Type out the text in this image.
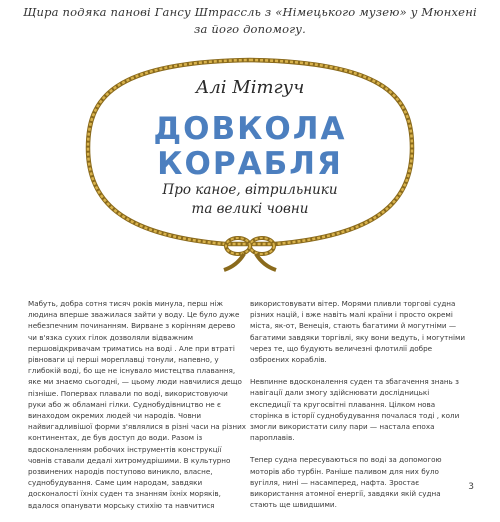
Щира подяка панові Гансу Штрассль з «Німецького музею» у Мюнхені за його допомогу.
Алі Мітгуч
ДОВКОЛА
КОРАБЛЯ
Про каное, вітрильники та великі човни

Мабуть, добра сотня тисяч років минула, перш ніж людина вперше зважилася зайти у воду. Це було дуже небезпечним починанням. Вирване з корінням дерево чи в'язка сухих гілок дозволяли відважним першовідкривачам триматись на воді . Але при втраті рівноваги ці перші мореплавці тонули, напевно, у глибокій воді, бо ще не існувало мистецтва плавання, яке ми знаємо сьогодні, — цьому люди навчилися дещо пізніше. Попервах плавали по воді, використовуючи руки або ж обламані гілки. Суднобудівництво не є винаходом окремих людей чи народів. Човни найвигадливішої форми з'являлися в різні часи на різних континентах, де був доступ до води. Разом із вдосконаленням робочих інструментів конструкції човнів ставали дедалі хитромудрішими. В культурно розвинених народів поступово виникло, власне, суднобудування. Саме цим народам, завдяки досконалості їхніх суден та знанням їхніх моряків, вдалося опанувати морську стихію та навчитися

використовувати вітер. Морями пливли торгові судна різних націй, і вже навіть малі країни і просто окремі міста, як-от, Венеція, стають багатими й могутніми — багатими завдяки торгівлі, яку вони ведуть, і могутніми через те, що будують величезні флотилії добре озброєних кораблів.

Невпинне вдосконалення суден та збагачення знань з навігації дали змогу здійснювати дослідницькі експедиції та кругосвітні плавання. Цілком нова сторінка в історії суднобудування почалася тоді , коли змогли використати силу пари — настала епоха пароплавів.

Тепер судна пересуваються по воді за допомогою моторів або турбін. Раніше паливом для них було вугілля, нині — насамперед, нафта. Зростає використання атомної енергії, завдяки якій судна стають ще швидшими.

3
